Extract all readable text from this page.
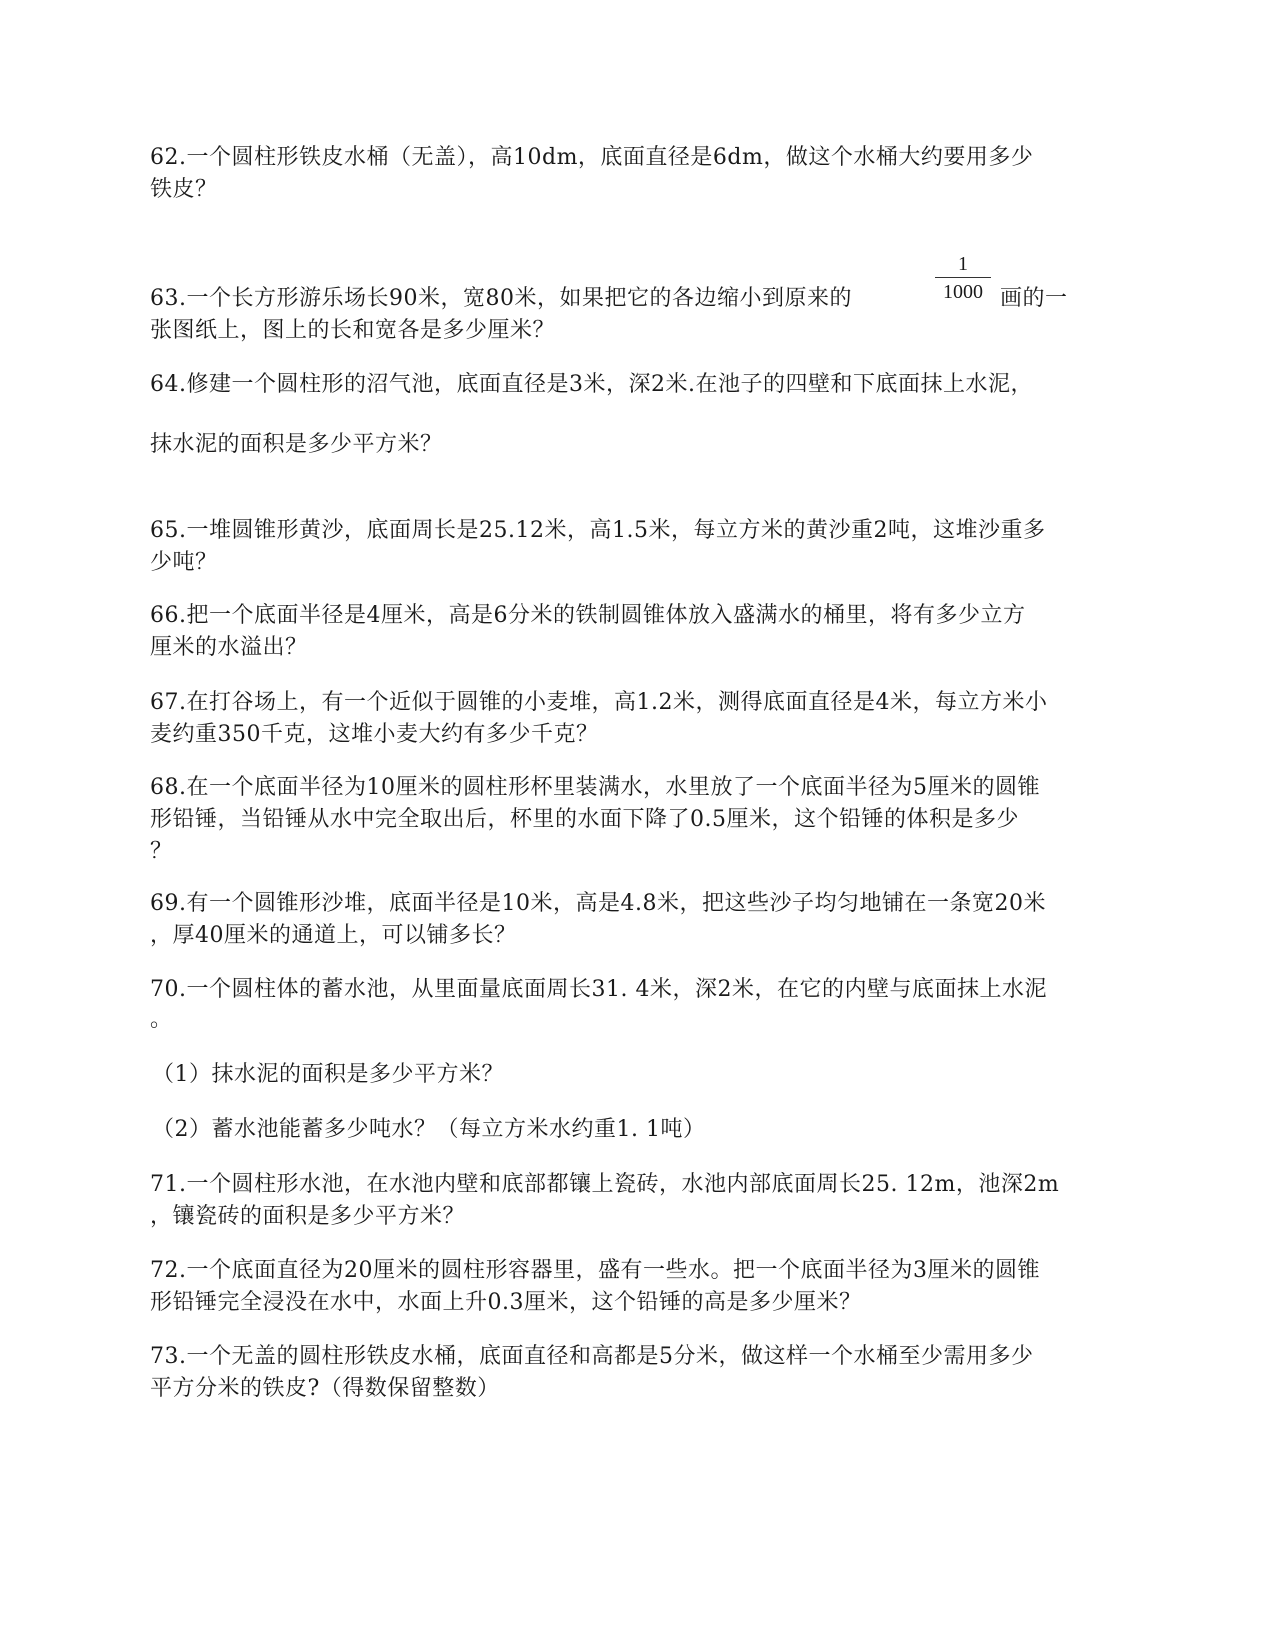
62.一个圆柱形铁皮水桶（无盖），高10dm，底面直径是6dm，做这个水桶大约要用多少
铁皮？
1
1000
63.一个长方形游乐场长90米，宽80米，如果把它的各边缩小到原来的	画的一
张图纸上，图上的长和宽各是多少厘米？
64.修建一个圆柱形的沼气池，底面直径是3米，深2米.在池子的四壁和下底面抹上水泥，
抹水泥的面积是多少平方米？
65.一堆圆锥形黄沙，底面周长是25.12米，高1.5米，每立方米的黄沙重2吨，这堆沙重多
少吨？
66.把一个底面半径是4厘米，高是6分米的铁制圆锥体放入盛满水的桶里，将有多少立方
厘米的水溢出？
67.在打谷场上，有一个近似于圆锥的小麦堆，高1.2米，测得底面直径是4米，每立方米小
麦约重350千克，这堆小麦大约有多少千克？
68.在一个底面半径为10厘米的圆柱形杯里装满水，水里放了一个底面半径为5厘米的圆锥
形铅锤，当铅锤从水中完全取出后，杯里的水面下降了0.5厘米，这个铅锤的体积是多少
？
69.有一个圆锥形沙堆，底面半径是10米，高是4.8米，把这些沙子均匀地铺在一条宽20米
，厚40厘米的通道上，可以铺多长？
70.一个圆柱体的蓄水池，从里面量底面周长31. 4米，深2米，在它的内壁与底面抹上水泥
。
（1）抹水泥的面积是多少平方米？
（2）蓄水池能蓄多少吨水？（每立方米水约重1. 1吨）
71.一个圆柱形水池，在水池内壁和底部都镶上瓷砖，水池内部底面周长25. 12m，池深2m
，镶瓷砖的面积是多少平方米？
72.一个底面直径为20厘米的圆柱形容器里，盛有一些水。把一个底面半径为3厘米的圆锥
形铅锤完全浸没在水中，水面上升0.3厘米，这个铅锤的高是多少厘米？
73.一个无盖的圆柱形铁皮水桶，底面直径和高都是5分米，做这样一个水桶至少需用多少
平方分米的铁皮?（得数保留整数）
